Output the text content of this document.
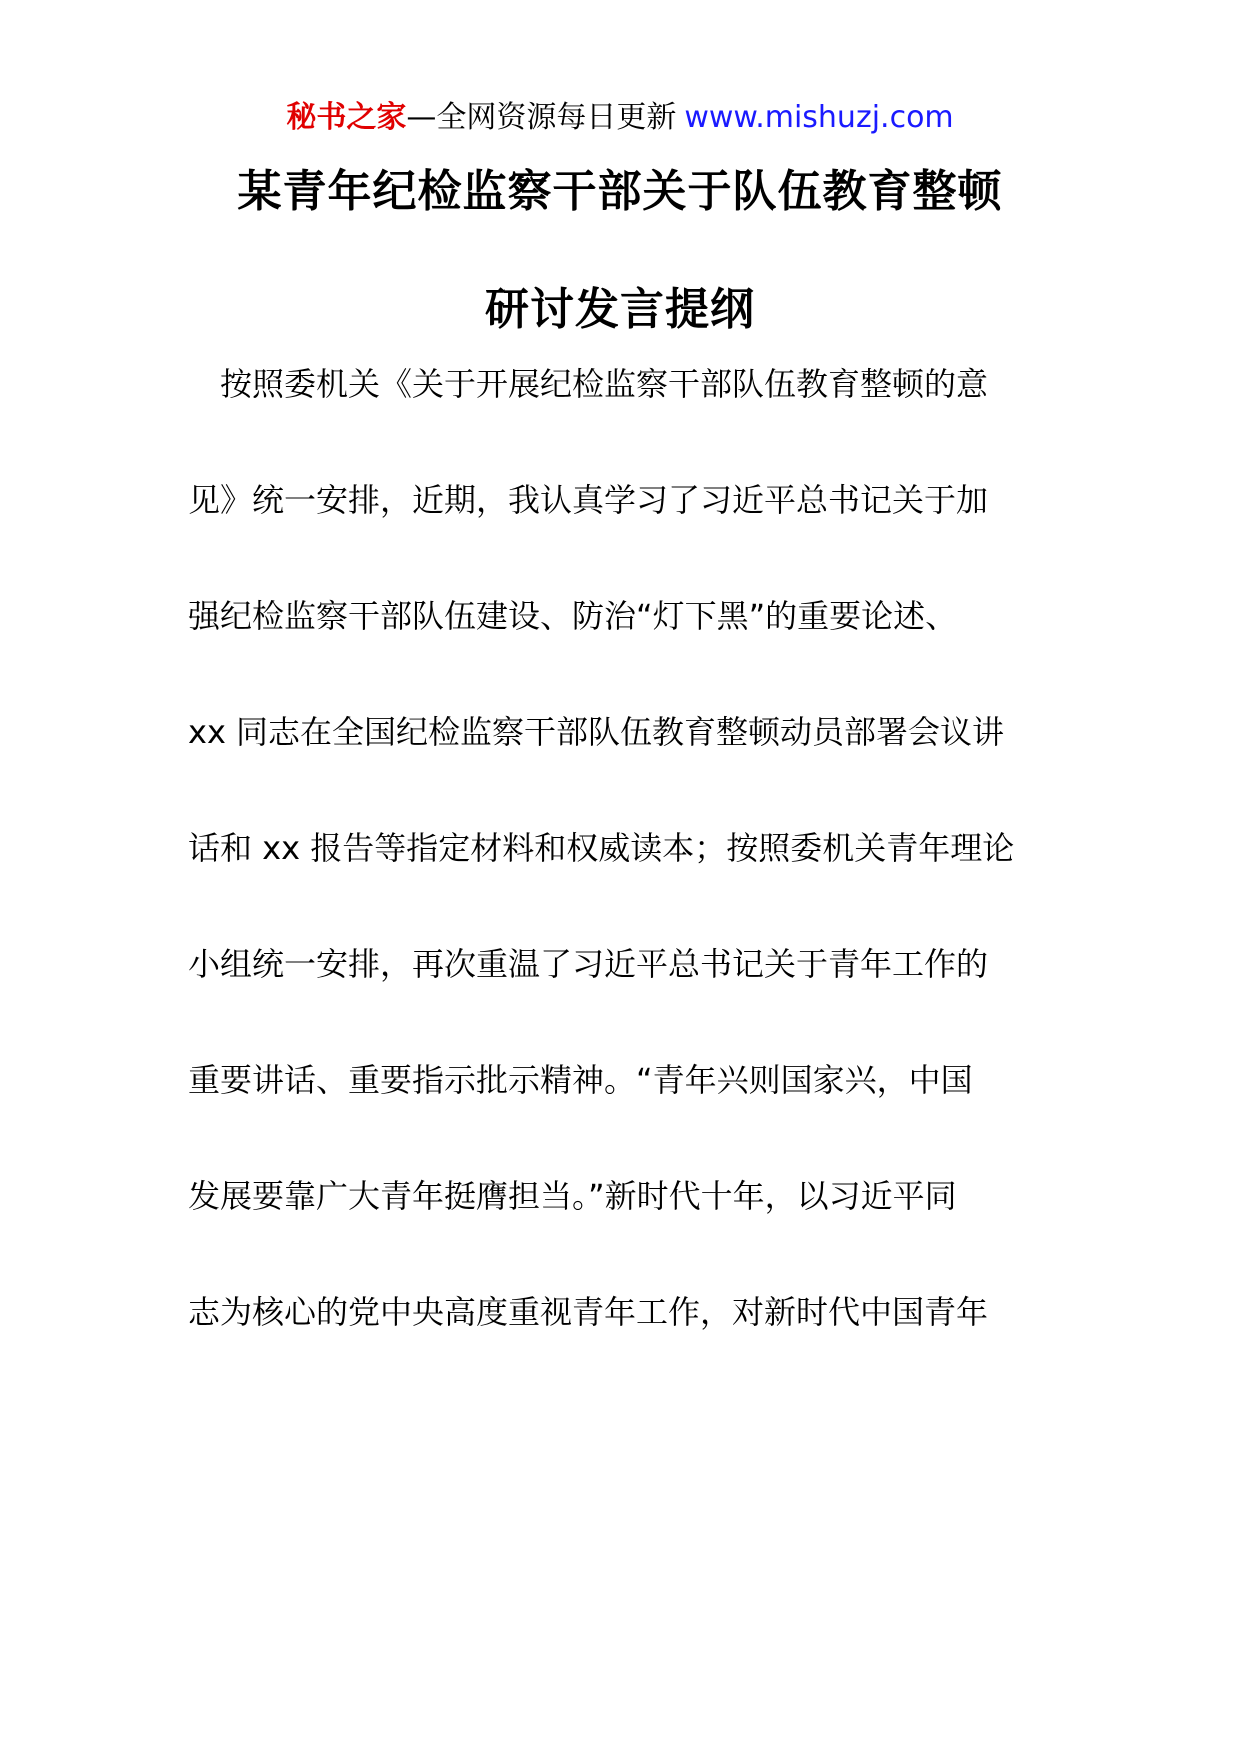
秘书之家—全网资源每日更新 www.mishuzj.com
某青年纪检监察干部关于队伍教育整顿
研讨发言提纲
　按照委机关《关于开展纪检监察干部队伍教育整顿的意
见》统一安排，近期，我认真学习了习近平总书记关于加
强纪检监察干部队伍建设、防治“灯下黑”的重要论述、
xx 同志在全国纪检监察干部队伍教育整顿动员部署会议讲
话和 xx 报告等指定材料和权威读本；按照委机关青年理论
小组统一安排，再次重温了习近平总书记关于青年工作的
重要讲话、重要指示批示精神。“青年兴则国家兴，中国
发展要靠广大青年挺膺担当。”新时代十年，以习近平同
志为核心的党中央高度重视青年工作，对新时代中国青年
